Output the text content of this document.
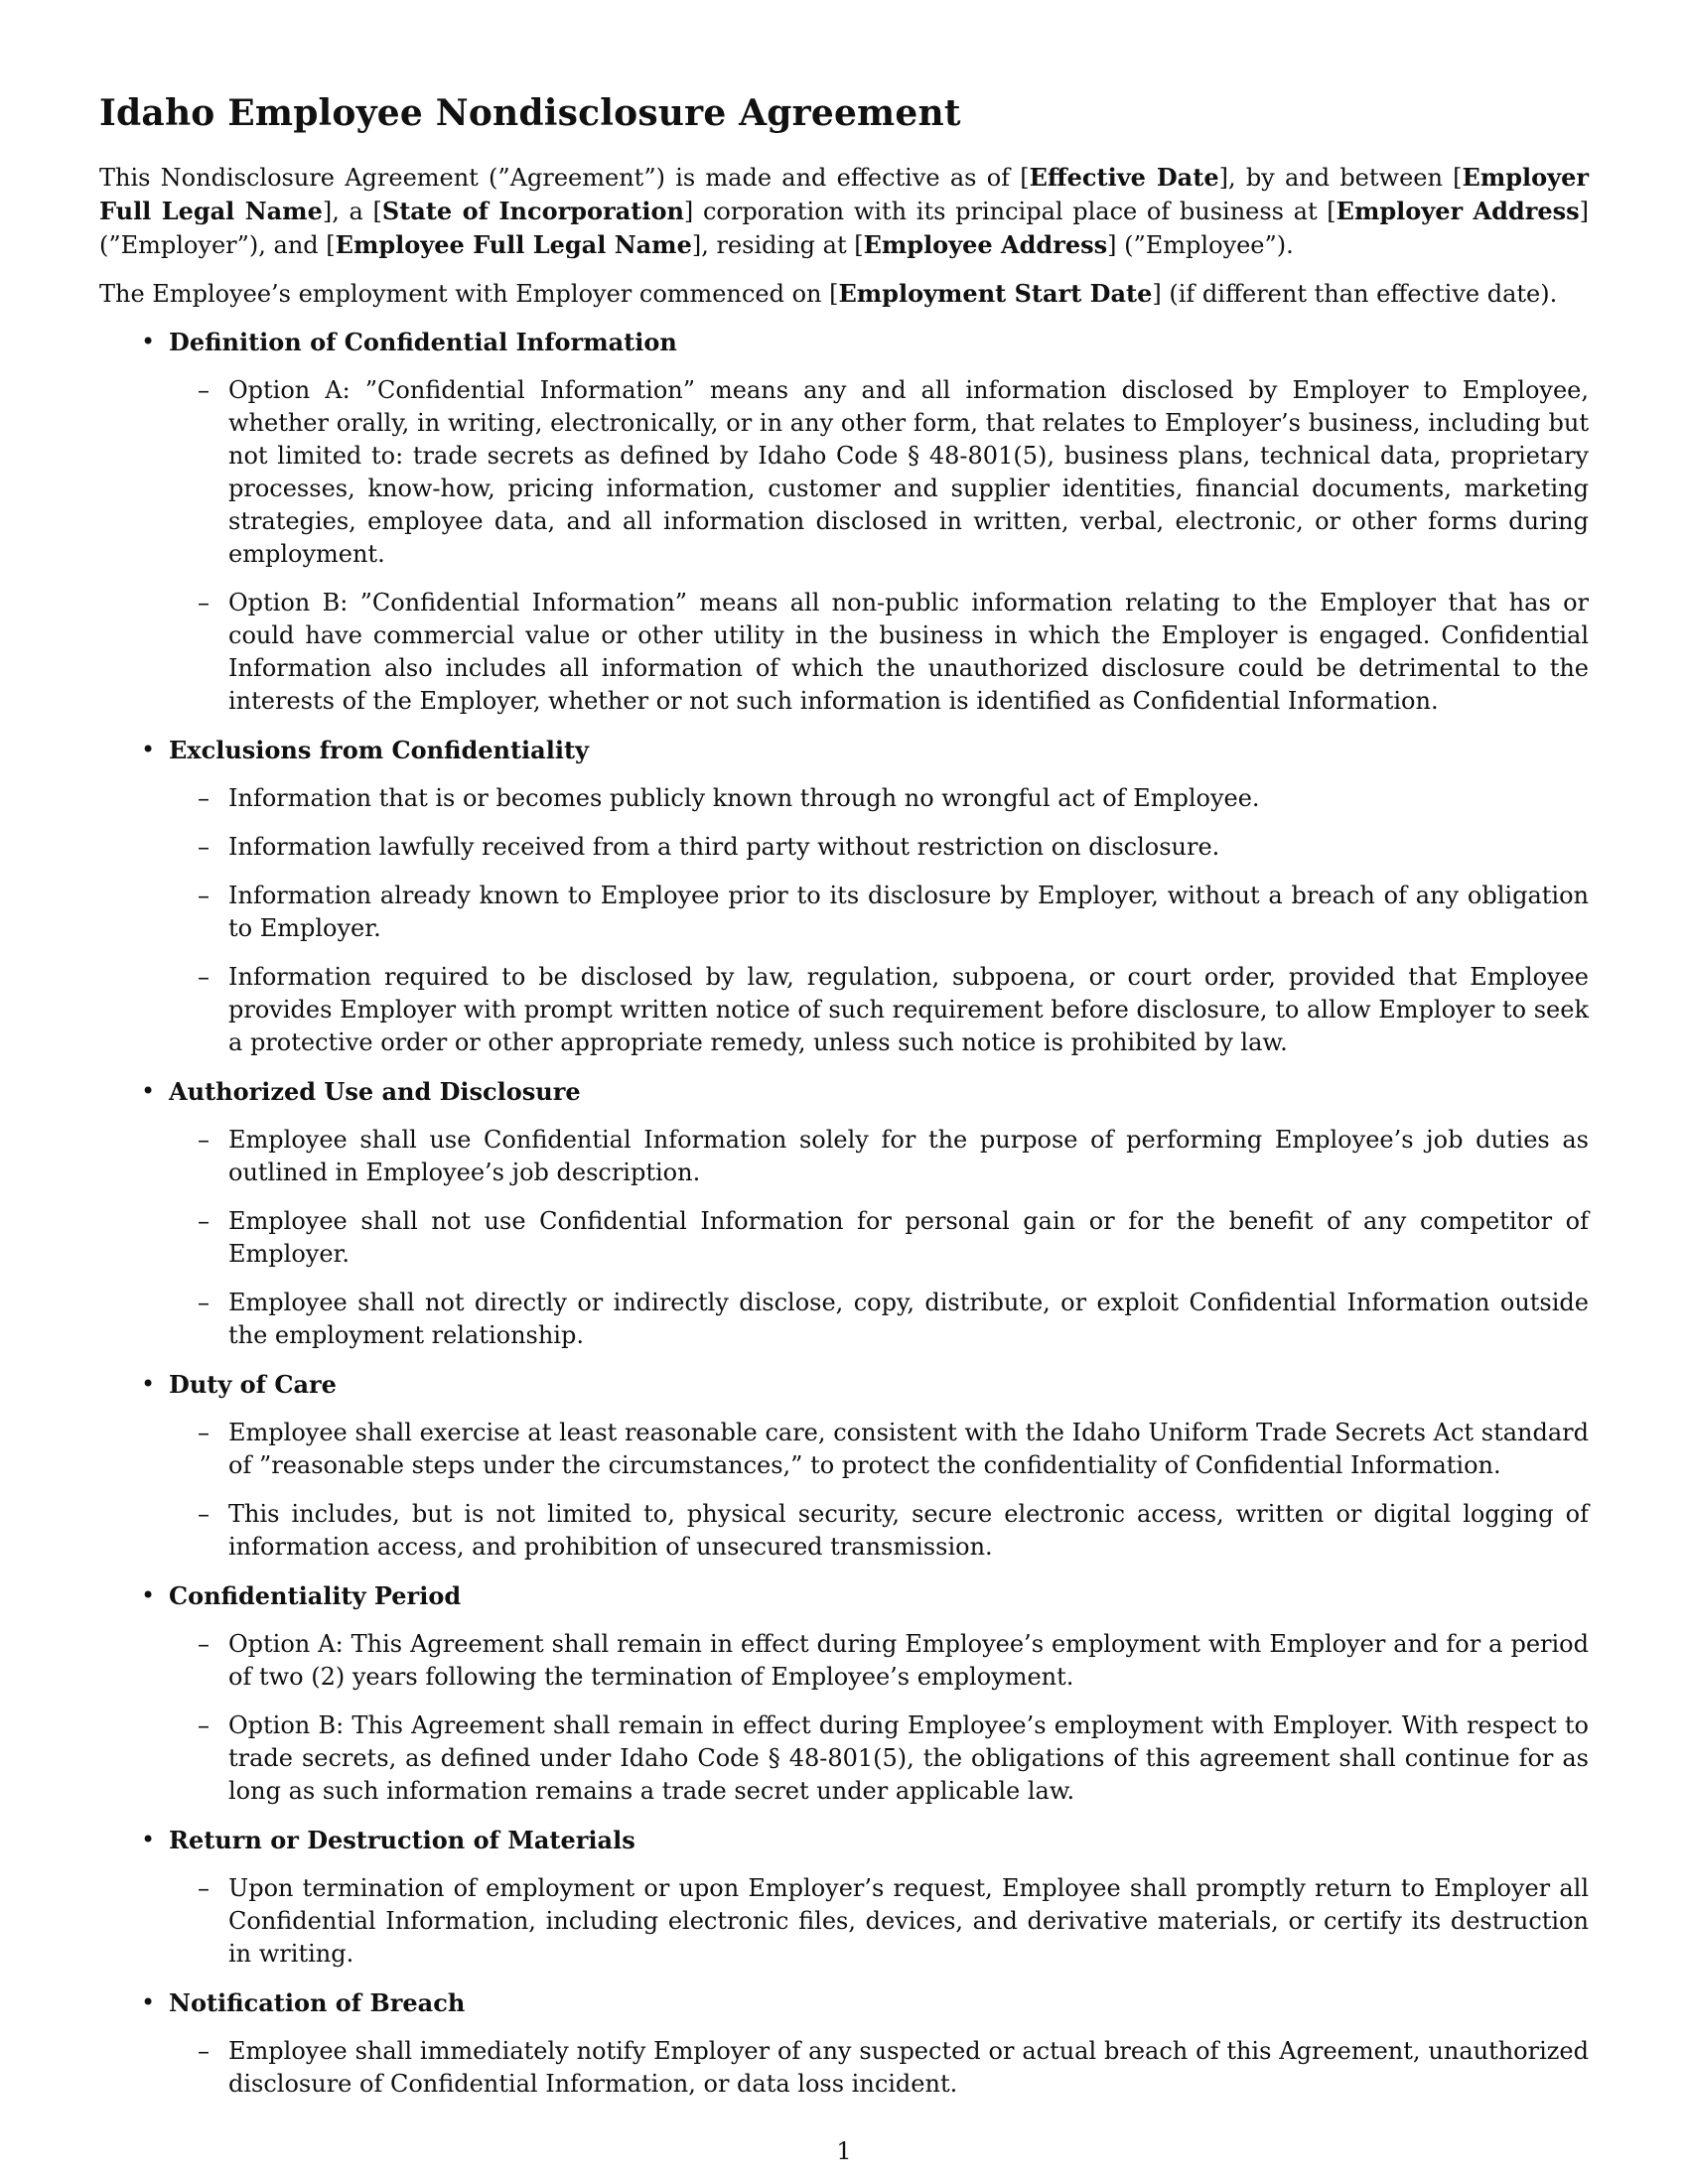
Idaho Employee Nondisclosure Agreement

This Nondisclosure Agreement (”Agreement”) is made and effective as of [Effective Date], by and between [Employer Full Legal Name], a [State of Incorporation] corporation with its principal place of business at [Employer Address] (”Employer”), and [Employee Full Legal Name], residing at [Employee Address] (”Employee”).

The Employee’s employment with Employer commenced on [Employment Start Date] (if different than effective date).

• Definition of Confidential Information
– Option A: ”Confidential Information” means any and all information disclosed by Employer to Employee, whether orally, in writing, electronically, or in any other form, that relates to Employer’s business, including but not limited to: trade secrets as defined by Idaho Code § 48-801(5), business plans, technical data, proprietary processes, know-how, pricing information, customer and supplier identities, financial documents, marketing strategies, employee data, and all information disclosed in written, verbal, electronic, or other forms during employment.
– Option B: ”Confidential Information” means all non-public information relating to the Employer that has or could have commercial value or other utility in the business in which the Employer is engaged. Confidential Information also includes all information of which the unauthorized disclosure could be detrimental to the interests of the Employer, whether or not such information is identified as Confidential Information.
• Exclusions from Confidentiality
– Information that is or becomes publicly known through no wrongful act of Employee.
– Information lawfully received from a third party without restriction on disclosure.
– Information already known to Employee prior to its disclosure by Employer, without a breach of any obligation to Employer.
– Information required to be disclosed by law, regulation, subpoena, or court order, provided that Employee provides Employer with prompt written notice of such requirement before disclosure, to allow Employer to seek a protective order or other appropriate remedy, unless such notice is prohibited by law.
• Authorized Use and Disclosure
– Employee shall use Confidential Information solely for the purpose of performing Employee’s job duties as outlined in Employee’s job description.
– Employee shall not use Confidential Information for personal gain or for the benefit of any competitor of Employer.
– Employee shall not directly or indirectly disclose, copy, distribute, or exploit Confidential Information outside the employment relationship.
• Duty of Care
– Employee shall exercise at least reasonable care, consistent with the Idaho Uniform Trade Secrets Act standard of ”reasonable steps under the circumstances,” to protect the confidentiality of Confidential Information.
– This includes, but is not limited to, physical security, secure electronic access, written or digital logging of information access, and prohibition of unsecured transmission.
• Confidentiality Period
– Option A: This Agreement shall remain in effect during Employee’s employment with Employer and for a period of two (2) years following the termination of Employee’s employment.
– Option B: This Agreement shall remain in effect during Employee’s employment with Employer. With respect to trade secrets, as defined under Idaho Code § 48-801(5), the obligations of this agreement shall continue for as long as such information remains a trade secret under applicable law.
• Return or Destruction of Materials
– Upon termination of employment or upon Employer’s request, Employee shall promptly return to Employer all Confidential Information, including electronic files, devices, and derivative materials, or certify its destruction in writing.
• Notification of Breach
– Employee shall immediately notify Employer of any suspected or actual breach of this Agreement, unauthorized disclosure of Confidential Information, or data loss incident.
1
